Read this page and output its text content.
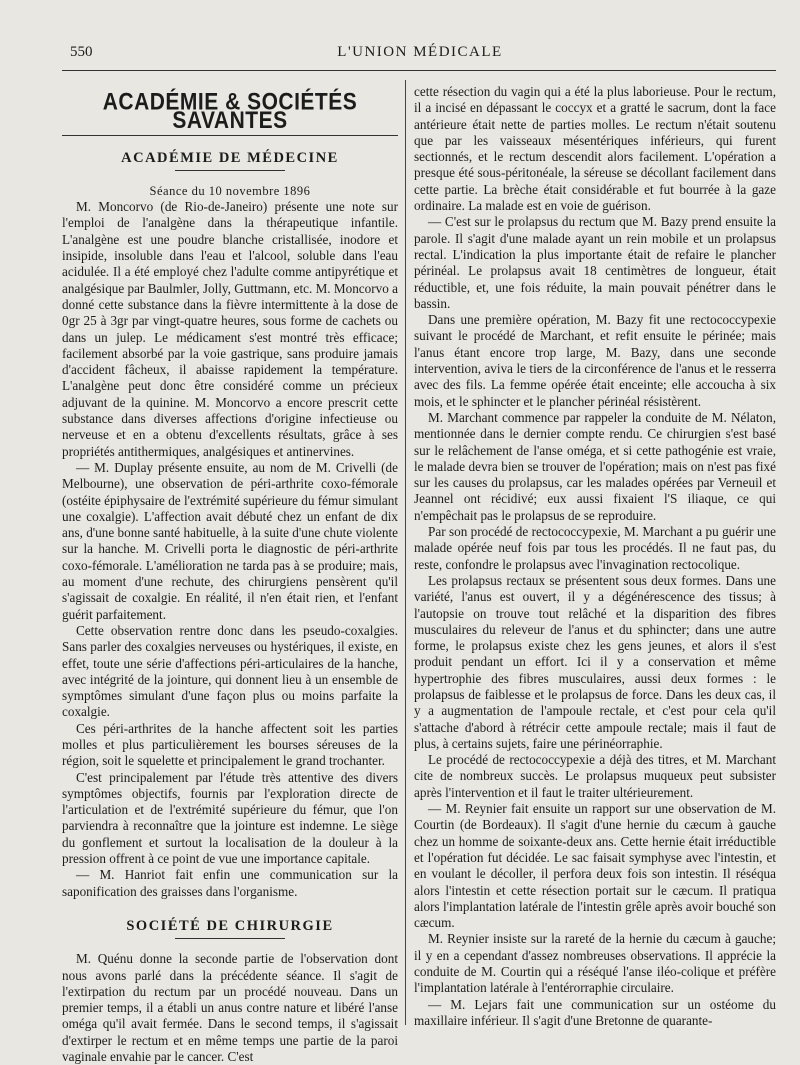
550	L'UNION MÉDICALE
ACADÉMIE & SOCIÉTÉS SAVANTES
ACADÉMIE DE MÉDECINE
Séance du 10 novembre 1896

M. Moncorvo (de Rio-de-Janeiro) présente une note sur l'emploi de l'analgène dans la thérapeutique infantile. L'analgène est une poudre blanche cristallisée, inodore et insipide, insoluble dans l'eau et l'alcool, soluble dans l'eau acidulée. Il a été employé chez l'adulte comme antipyrétique et analgésique par Baulmler, Jolly, Guttmann, etc. M. Moncorvo a donné cette substance dans la fièvre intermittente à la dose de 0gr 25 à 3gr par vingt-quatre heures, sous forme de cachets ou dans un julep. Le médicament s'est montré très efficace; facilement absorbé par la voie gastrique, sans produire jamais d'accident fâcheux, il abaisse rapidement la température. L'analgène peut donc être considéré comme un précieux adjuvant de la quinine. M. Moncorvo a encore prescrit cette substance dans diverses affections d'origine infectieuse ou nerveuse et en a obtenu d'excellents résultats, grâce à ses propriétés antithermiques, analgésiques et antinervines.

— M. Duplay présente ensuite, au nom de M. Crivelli (de Melbourne), une observation de péri-arthrite coxo-fémorale (ostéite épiphysaire de l'extrémité supérieure du fémur simulant une coxalgie). L'affection avait débuté chez un enfant de dix ans, d'une bonne santé habituelle, à la suite d'une chute violente sur la hanche. M. Crivelli porta le diagnostic de péri-arthrite coxo-fémorale. L'amélioration ne tarda pas à se produire; mais, au moment d'une rechute, des chirurgiens pensèrent qu'il s'agissait de coxalgie. En réalité, il n'en était rien, et l'enfant guérit parfaitement.

Cette observation rentre donc dans les pseudo-coxalgies. Sans parler des coxalgies nerveuses ou hystériques, il existe, en effet, toute une série d'affections péri-articulaires de la hanche, avec intégrité de la jointure, qui donnent lieu à un ensemble de symptômes simulant d'une façon plus ou moins parfaite la coxalgie.

Ces péri-arthrites de la hanche affectent soit les parties molles et plus particulièrement les bourses séreuses de la région, soit le squelette et principalement le grand trochanter.

C'est principalement par l'étude très attentive des divers symptômes objectifs, fournis par l'exploration directe de l'articulation et de l'extrémité supérieure du fémur, que l'on parviendra à reconnaître que la jointure est indemne. Le siège du gonflement et surtout la localisation de la douleur à la pression offrent à ce point de vue une importance capitale.

— M. Hanriot fait enfin une communication sur la saponification des graisses dans l'organisme.

SOCIÉTÉ DE CHIRURGIE

M. Quénu donne la seconde partie de l'observation dont nous avons parlé dans la précédente séance. Il s'agit de l'extirpation du rectum par un procédé nouveau. Dans un premier temps, il a établi un anus contre nature et libéré l'anse oméga qu'il avait fermée. Dans le second temps, il s'agissait d'extirper le rectum et en même temps une partie de la paroi vaginale envahie par le cancer. C'est

cette résection du vagin qui a été la plus laborieuse. Pour le rectum, il a incisé en dépassant le coccyx et a gratté le sacrum, dont la face antérieure était nette de parties molles. Le rectum n'était soutenu que par les vaisseaux mésentériques inférieurs, qui furent sectionnés, et le rectum descendit alors facilement. L'opération a presque été sous-péritonéale, la séreuse se décollant facilement dans cette partie. La brèche était considérable et fut bourrée à la gaze ordinaire. La malade est en voie de guérison.

— C'est sur le prolapsus du rectum que M. Bazy prend ensuite la parole. Il s'agit d'une malade ayant un rein mobile et un prolapsus rectal. L'indication la plus importante était de refaire le plancher périnéal. Le prolapsus avait 18 centimètres de longueur, était réductible, et, une fois réduite, la main pouvait pénétrer dans le bassin.

Dans une première opération, M. Bazy fit une rectococcypexie suivant le procédé de Marchant, et refit ensuite le périnée; mais l'anus étant encore trop large, M. Bazy, dans une seconde intervention, aviva le tiers de la circonférence de l'anus et le resserra avec des fils. La femme opérée était enceinte; elle accoucha à six mois, et le sphincter et le plancher périnéal résistèrent.

M. Marchant commence par rappeler la conduite de M. Nélaton, mentionnée dans le dernier compte rendu. Ce chirurgien s'est basé sur le relâchement de l'anse oméga, et si cette pathogénie est vraie, le malade devra bien se trouver de l'opération; mais on n'est pas fixé sur les causes du prolapsus, car les malades opérées par Verneuil et Jeannel ont récidivé; eux aussi fixaient l'S iliaque, ce qui n'empêchait pas le prolapsus de se reproduire.

Par son procédé de rectococcypexie, M. Marchant a pu guérir une malade opérée neuf fois par tous les procédés. Il ne faut pas, du reste, confondre le prolapsus avec l'invagination rectocolique.

Les prolapsus rectaux se présentent sous deux formes. Dans une variété, l'anus est ouvert, il y a dégénérescence des tissus; à l'autopsie on trouve tout relâché et la disparition des fibres musculaires du releveur de l'anus et du sphincter; dans une autre forme, le prolapsus existe chez les gens jeunes, et alors il s'est produit pendant un effort. Ici il y a conservation et même hypertrophie des fibres musculaires, aussi deux formes : le prolapsus de faiblesse et le prolapsus de force. Dans les deux cas, il y a augmentation de l'ampoule rectale, et c'est pour cela qu'il s'attache d'abord à rétrécir cette ampoule rectale; mais il faut de plus, à certains sujets, faire une périnéorraphie.

Le procédé de rectococcypexie a déjà des titres, et M. Marchant cite de nombreux succès. Le prolapsus muqueux peut subsister après l'intervention et il faut le traiter ultérieurement.

— M. Reynier fait ensuite un rapport sur une observation de M. Courtin (de Bordeaux). Il s'agit d'une hernie du cæcum à gauche chez un homme de soixante-deux ans. Cette hernie était irréductible et l'opération fut décidée. Le sac faisait symphyse avec l'intestin, et en voulant le décoller, il perfora deux fois son intestin. Il réséqua alors l'intestin et cette résection portait sur le cæcum. Il pratiqua alors l'implantation latérale de l'intestin grêle après avoir bouché son cæcum.

M. Reynier insiste sur la rareté de la hernie du cæcum à gauche; il y en a cependant d'assez nombreuses observations. Il apprécie la conduite de M. Courtin qui a réséqué l'anse iléo-colique et préfère l'implantation latérale à l'entérorraphie circulaire.

— M. Lejars fait une communication sur un ostéome du maxillaire inférieur. Il s'agit d'une Bretonne de quarante-
